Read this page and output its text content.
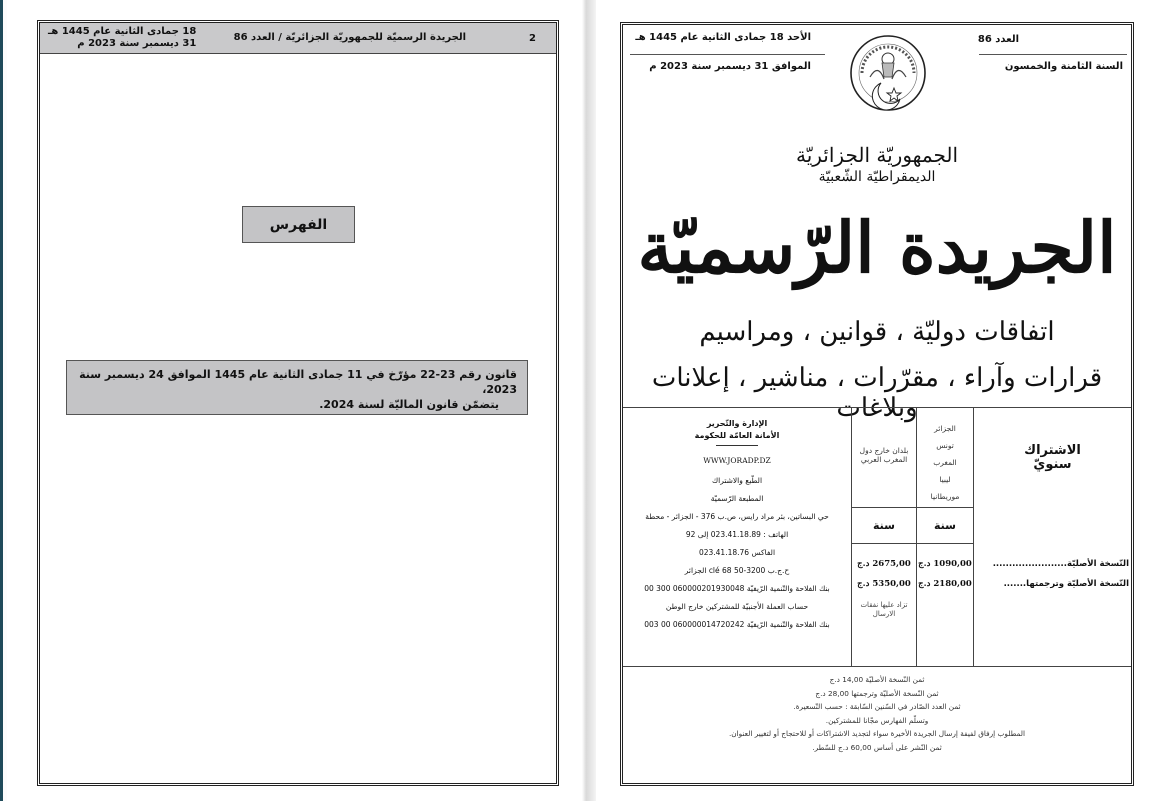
2
الجريدة الرسميّة للجمهوريّة الجزائريّة / العدد 86
18 جمادى الثانية عام 1445 هـ
31 ديسمبر سنة 2023 م
الفهرس
قانون رقم 23-22 مؤرّخ في 11 جمادى الثانية عام 1445 الموافق 24 ديسمبر سنة 2023،
يتضمّن قانون الماليّة لسنة 2024.
العدد 86
السنة الثامنة والخمسون
الأحد 18 جمادى الثانية عام 1445 هـ
الموافق 31 ديسمبر سنة 2023 م
الجمهوريّة الجزائريّة
الديمقراطيّة الشّعبيّة
الجريدة الرّسميّة
اتفاقات دوليّة ، قوانين ، ومراسيم
قرارات وآراء ، مقرّرات ، مناشير ، إعلانات وبلاغات
الإدارة والتّحرير
الأمانة العامّة للحكومة
WWW.JORADP.DZ
الطّبع والاشتراك
المطبعة الرّسميّة
حي البساتين، بئر مراد رايس، ص.ب 376 - الجزائر - محطة
الهاتف : 023.41.18.89 إلى 92
الفاكس 023.41.18.76
ح.ج.ب 3200-50 clé 68 الجزائر
بنك الفلاحة والتّنمية الرّيفيّة 060000201930048 300 00
حساب العملة الأجنبيّة للمشتركين خارج الوطن
بنك الفلاحة والتّنمية الرّيفيّة 060000014720242 00 003
بلدان خارج دول المغرب العربي
سنة
2675,00 د.ج
5350,00 د.ج
تزاد عليها نفقات الارسال
الجزائر
تونس
المغرب
ليبيا
موريطانيا
سنة
1090,00 د.ج
2180,00 د.ج
الاشتراك
سنويّ
النّسخة الأصليّة.......................
النّسخة الأصليّة وترجمتها.......
ثمن النّسخة الأصليّة 14,00 د.ج
ثمن النّسخة الأصليّة وترجمتها 28,00 د.ج
ثمن العدد الصّادر في السّنين السّابقة : حسب التّسعيرة.
وتسلّم الفهارس مجّانا للمشتركين.
المطلوب إرفاق لفيفة إرسال الجريدة الأخيرة سواء لتجديد الاشتراكات أو للاحتجاج أو لتغيير العنوان.
ثمن النّشر على أساس 60,00 د.ج للسّطر.
